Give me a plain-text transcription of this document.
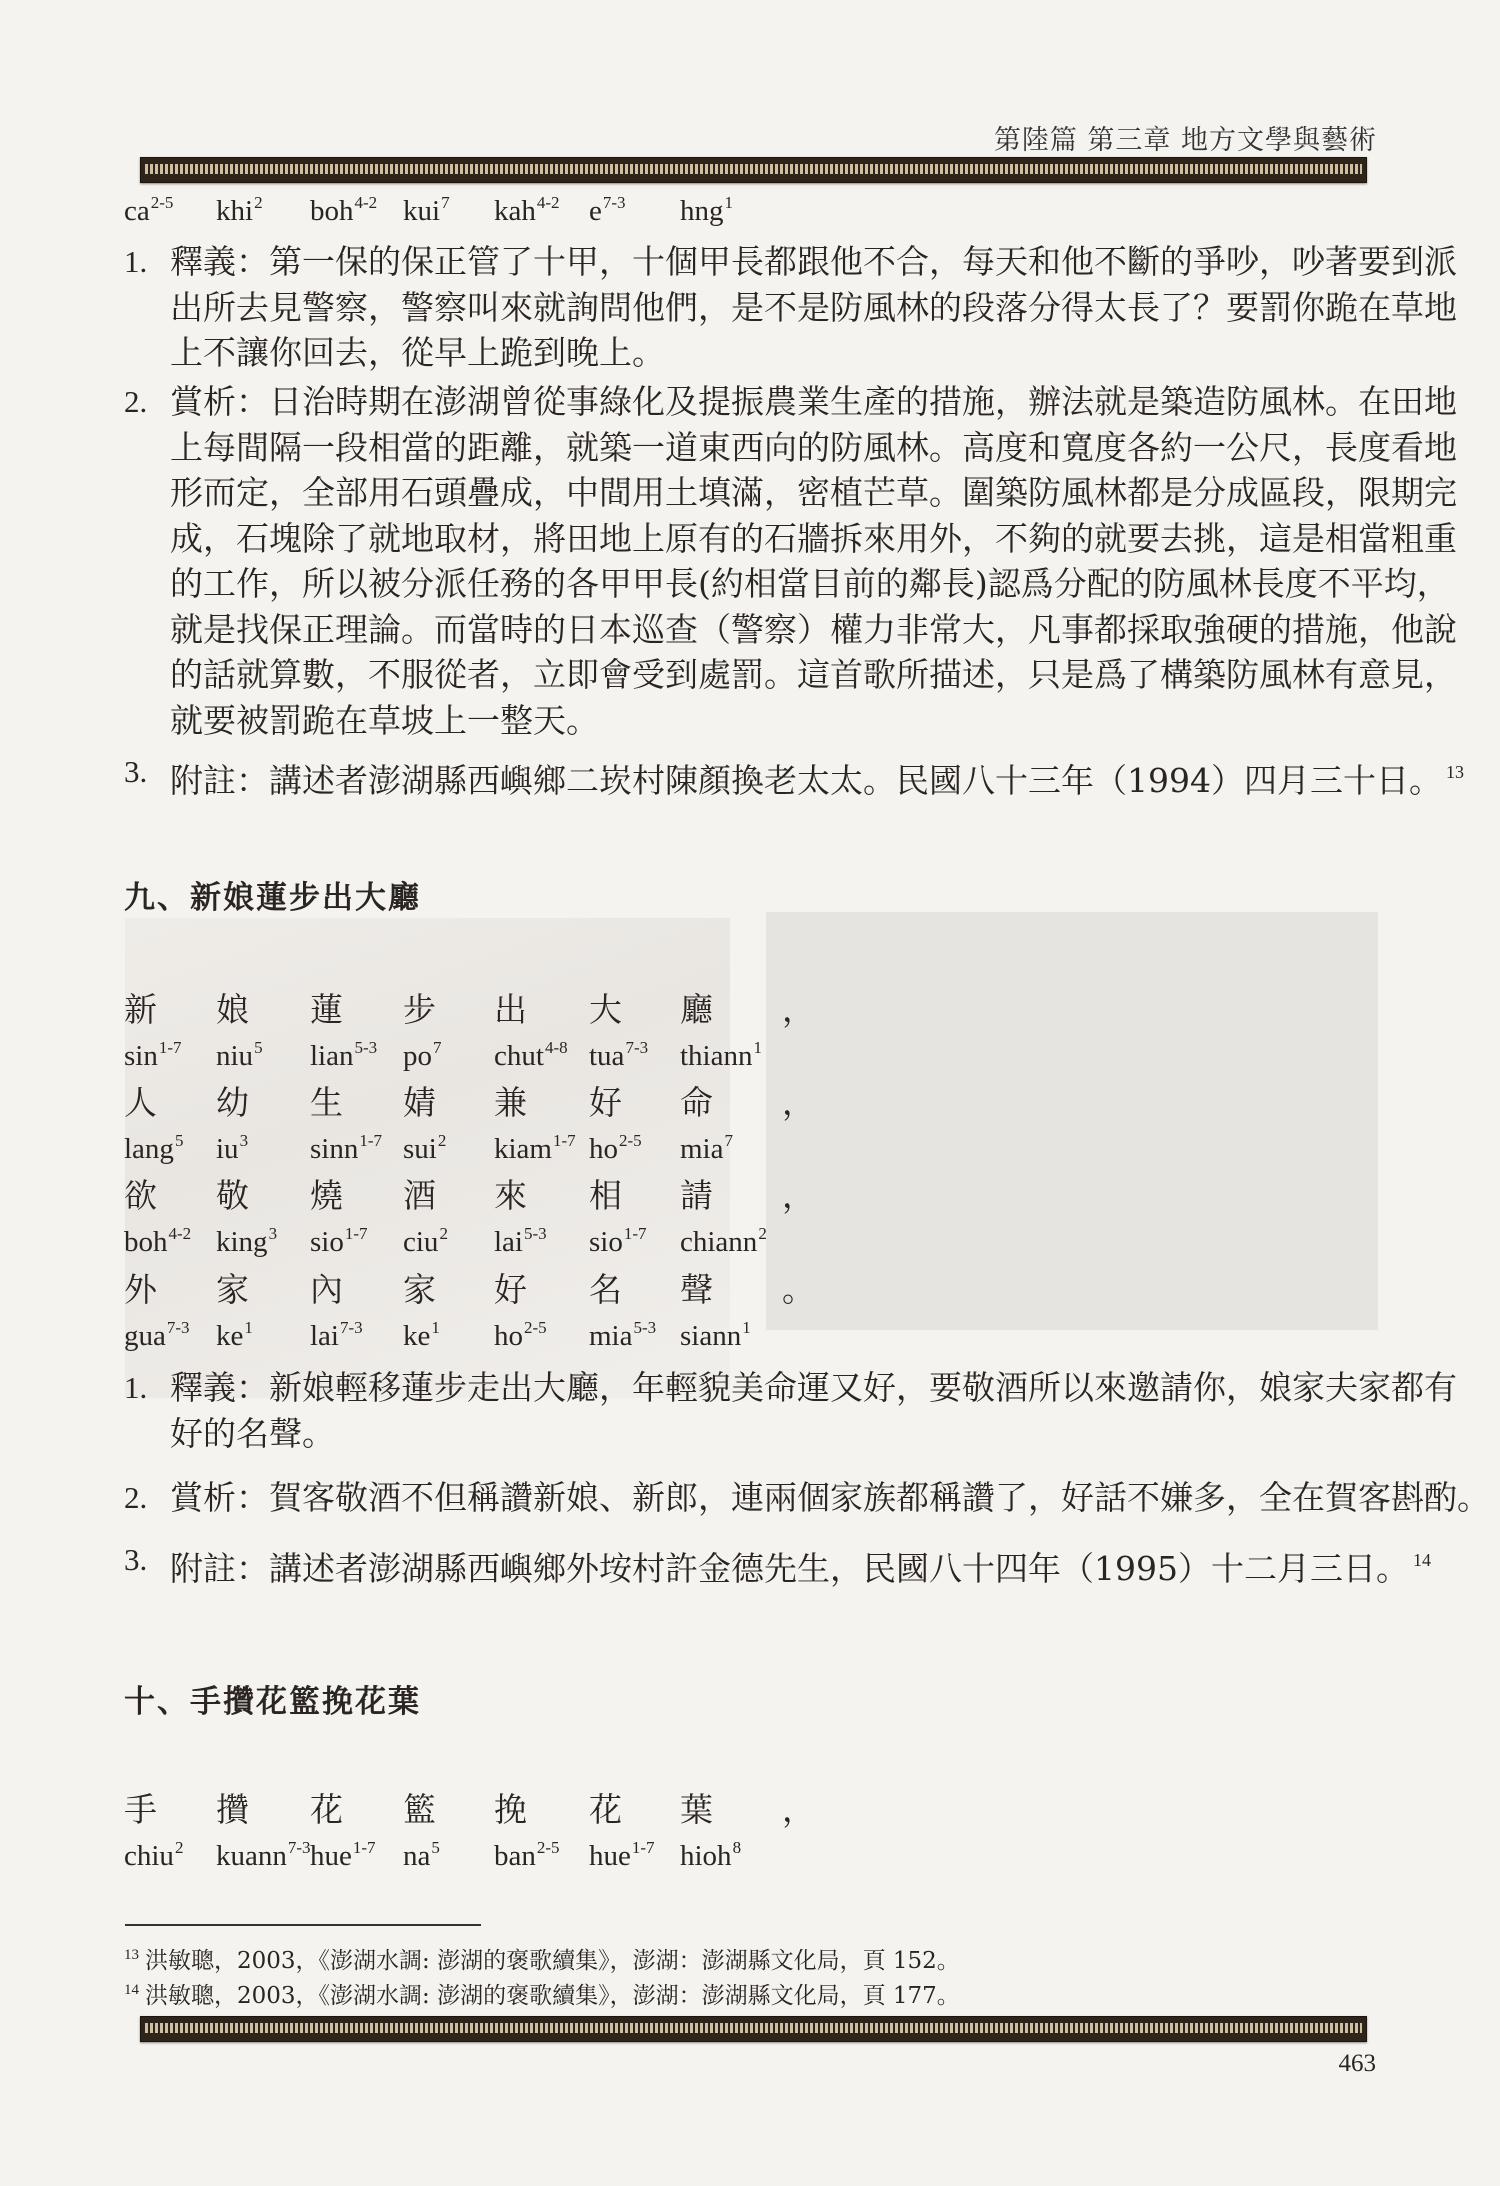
第陸篇 第三章 地方文學與藝術
$ca^{2-5}$ khi$^2$ boh$^{4-2}$ kui$^7$ kah$^{4-2}$ $e^{7-3}$ hng$^1$
1. 釋義：第一保的保正管了十甲，十個甲長都跟他不合，每天和他不斷的爭吵，吵著要到派
出所去見警察，警察叫來就詢問他們，是不是防風林的段落分得太長了？要罰你跪在草地
上不讓你回去，從早上跪到晚上。
2. 賞析：日治時期在澎湖曾從事綠化及提振農業生產的措施，辦法就是築造防風林。在田地
上每間隔一段相當的距離，就築一道東西向的防風林。高度和寬度各約一公尺，長度看地
形而定，全部用石頭疊成，中間用土填滿，密植芒草。圍築防風林都是分成區段，限期完
成，石塊除了就地取材，將田地上原有的石牆拆來用外，不夠的就要去挑，這是相當粗重
的工作，所以被分派任務的各甲甲長(約相當目前的鄰長)認爲分配的防風林長度不平均，
就是找保正理論。而當時的日本巡查（警察）權力非常大，凡事都採取強硬的措施，他說
的話就算數，不服從者，立即會受到處罰。這首歌所描述，只是爲了構築防風林有意見，
就要被罰跪在草坡上一整天。
3. 附註：講述者澎湖縣西嶼鄉二崁村陳顏換老太太。民國八十三年（1994）四月三十日。 $^{13}$
九、新娘蓮步出大廳
新 娘 蓮 步 出 大 廳 ，
$\sin^{1-7} niu^5$ lian$^{5-3}$ $po^7$ chut$^{4-8}$ tua$^{7-3}$ thiann$^1$
人 幼 生 婧 兼 好 命 ，
lang$^5$ $iu^3$ sinn$^{1-7}$ sui$^2$ kiam$^{1-7}$ $ho^{2-5}$ mia$^7$
欲 敬 燒 酒 來 相 請 ，
boh$^{4-2}$ king$^3$ sio$^{1-7}$ ciu$^2$ lai$^{5-3}$ sio$^{1-7}$ chiann$^2$
外 家 內 家 好 名 聲 。
gua$^{7-3}$ $ke^1$ lai$^{7-3}$ $ke^1$ $ho^{2-5}$ mia$^{5-3}$ siann$^1$
1. 釋義：新娘輕移蓮步走出大廳，年輕貌美命運又好，要敬酒所以來邀請你，娘家夫家都有
好的名聲。
2. 賞析：賀客敬酒不但稱讚新娘、新郎，連兩個家族都稱讚了，好話不嫌多，全在賀客斟酌。
3. 附註：講述者澎湖縣西嶼鄉外垵村許金德先生，民國八十四年（1995）十二月三日。 $^{14}$
十、手攢花籃挽花葉
手 攢 花 籃 挽 花 葉 ，
chiu$^2$ kuann$^{7-3}$ hue$^{1-7}$ $na^5$ ban$^{2-5}$ hue$^{1-7}$ hioh$^8$
$^{13}$ 洪敏聰，2003，《澎湖水調: 澎湖的褒歌續集》，澎湖：澎湖縣文化局，頁 152。
$^{14}$ 洪敏聰，2003，《澎湖水調: 澎湖的褒歌續集》，澎湖：澎湖縣文化局，頁 177。
463
